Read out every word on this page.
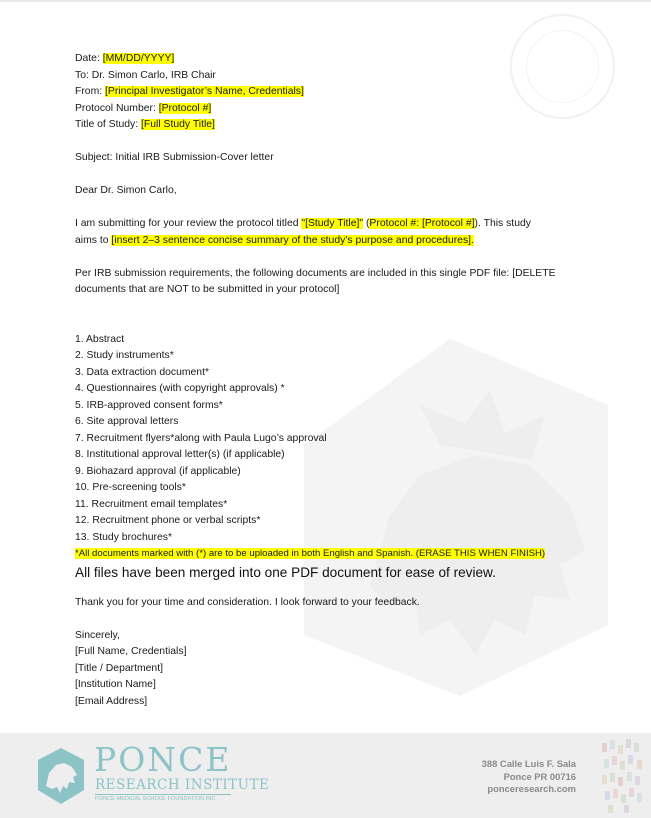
Date: [MM/DD/YYYY]
To: Dr. Simon Carlo, IRB Chair
From: [Principal Investigator’s Name, Credentials]
Protocol Number: [Protocol #]
Title of Study: [Full Study Title]
Subject: Initial IRB Submission-Cover letter
Dear Dr. Simon Carlo,
I am submitting for your review the protocol titled "[Study Title]" (Protocol #: [Protocol #]). This study
aims to [insert 2–3 sentence concise summary of the study’s purpose and procedures].
Per IRB submission requirements, the following documents are included in this single PDF file: [DELETE documents that are NOT to be submitted in your protocol]
1. Abstract
2. Study instruments*
3. Data extraction document*
4. Questionnaires (with copyright approvals) *
5. IRB-approved consent forms*
6. Site approval letters
7. Recruitment flyers*along with Paula Lugo’s approval
8. Institutional approval letter(s) (if applicable)
9. Biohazard approval (if applicable)
10. Pre-screening tools*
11. Recruitment email templates*
12. Recruitment phone or verbal scripts*
13. Study brochures*
*All documents marked with (*) are to be uploaded in both English and Spanish. (ERASE THIS WHEN FINISH)
All files have been merged into one PDF document for ease of review.
Thank you for your time and consideration. I look forward to your feedback.
Sincerely,
[Full Name, Credentials]
[Title / Department]
[Institution Name]
[Email Address]
PONCE
RESEARCH INSTITUTE
PONCE MEDICAL SCHOOL FOUNDATION INC.
388 Calle Luis F. Sala
Ponce PR 00716
ponceresearch.com
